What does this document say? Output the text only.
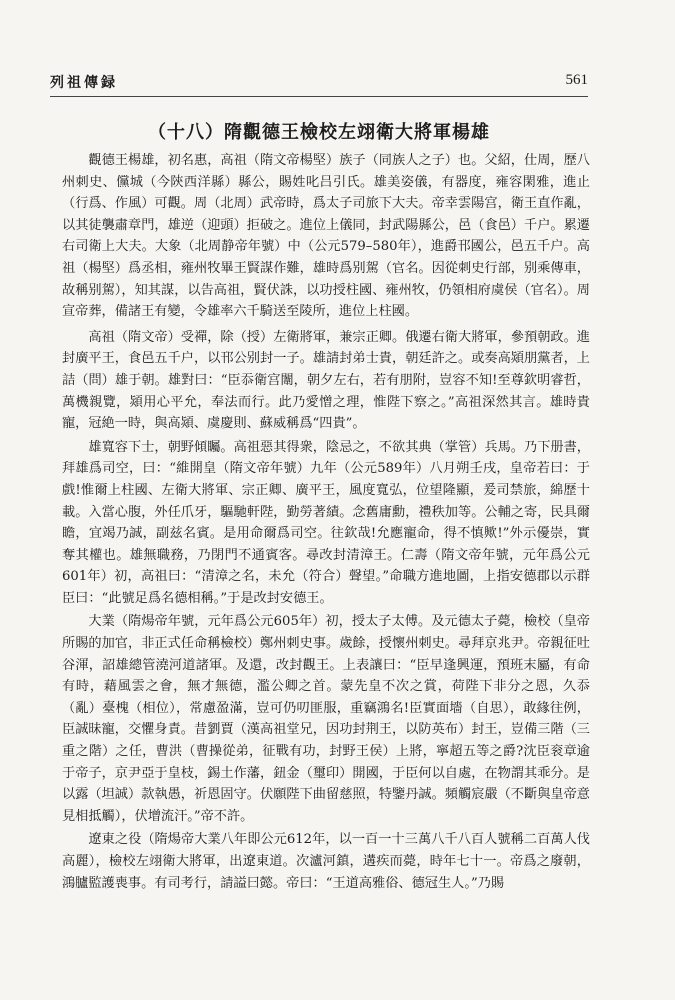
列祖傳録	561
（十八）隋觀德王檢校左翊衛大將軍楊雄

觀德王楊雄，初名惠，高祖（隋文帝楊堅）族子（同族人之子）也。父紹，仕周，歷八州刺史、儻城（今陝西洋縣）縣公，賜姓叱吕引氏。雄美姿儀，有器度，雍容閑雅，進止（行爲、作風）可觀。周（北周）武帝時，爲太子司旅下大夫。帝幸雲陽宫，衛王直作亂，以其徒襲肅章門，雄逆（迎頭）拒破之。進位上儀同，封武陽縣公，邑（食邑）千户。累遷右司衛上大夫。大象（北周静帝年號）中（公元579–580年），進爵邗國公，邑五千户。高祖（楊堅）爲丞相，雍州牧畢王賢謀作難，雄時爲别駕（官名。因從刺史行部，别乘傳車，故稱别駕），知其謀，以告高祖，賢伏誅，以功授柱國、雍州牧，仍領相府虞侯（官名）。周宣帝葬，備諸王有變，令雄率六千騎送至陵所，進位上柱國。

高祖（隋文帝）受禪，除（授）左衛將軍，兼宗正卿。俄遷右衛大將軍，參預朝政。進封廣平王，食邑五千户，以邗公别封一子。雄請封弟士貴，朝廷許之。或奏高熲朋黨者，上詰（問）雄于朝。雄對曰：“臣忝衛宫闈，朝夕左右，若有朋附，豈容不知!至尊欽明睿哲，萬機親覽，熲用心平允，奉法而行。此乃愛憎之理，惟陛下察之。”高祖深然其言。雄時貴寵，冠絶一時，與高熲、虞慶則、蘇威稱爲“四貴”。

雄寬容下士，朝野傾矚。高祖惡其得衆，陰忌之，不欲其典（掌管）兵馬。乃下册書，拜雄爲司空，曰：“維開皇（隋文帝年號）九年（公元589年）八月朔壬戌，皇帝若曰：于戲!惟爾上柱國、左衛大將軍、宗正卿、廣平王，風度寬弘，位望隆顯，爰司禁旅，綿歷十載。入當心腹，外任爪牙，驅馳軒陛，勤勞著績。念舊庸勳，禮秩加等。公輔之寄，民具爾瞻，宜竭乃誠，副兹名賓。是用命爾爲司空。往欽哉!允應寵命，得不慎歟!”外示優崇，實奪其權也。雄無職務，乃閉門不通賓客。尋改封清漳王。仁壽（隋文帝年號，元年爲公元601年）初，高祖曰：“清漳之名，未允（符合）聲望。”命職方進地圖，上指安德郡以示群臣曰：“此號足爲名德相稱。”于是改封安德王。

大業（隋煬帝年號，元年爲公元605年）初，授太子太傅。及元德太子薨，檢校（皇帝所賜的加官，非正式任命稱檢校）鄭州刺史事。歲餘，授懷州刺史。尋拜京兆尹。帝親征吐谷渾，詔雄總管澆河道諸軍。及還，改封觀王。上表讓曰：“臣早逢興運，預班末屬，有命有時，藉風雲之會，無才無德，濫公卿之首。蒙先皇不次之賞，荷陛下非分之恩，久忝（亂）臺槐（相位），常慮盈滿，豈可仍叨匪服，重竊鴻名!臣實面墻（自思），敢緣往例，臣誠昧寵，交懼身責。昔劉賈（漢高祖堂兄，因功封荆王，以防英布）封王，豈備三階（三重之階）之任，曹洪（曹操從弟，征戰有功，封野王侯）上將，寧超五等之爵?沈臣衮章逾于帝子，京尹亞于皇枝，錫土作藩，鈕金（璽印）開國，于臣何以自處，在物謂其乖分。是以露（坦誠）款執愚，祈恩固守。伏願陛下曲留慈照，特鑒丹誠。頻觸宸嚴（不斷與皇帝意見相抵觸），伏增流汗。”帝不許。

遼東之役（隋煬帝大業八年即公元612年，以一百一十三萬八千八百人號稱二百萬人伐高麗），檢校左翊衛大將軍，出遼東道。次瀘河鎮，遘疾而薨，時年七十一。帝爲之廢朝，鴻臚監護喪事。有司考行，請謚曰懿。帝曰：“王道高雅俗、德冠生人。”乃賜
